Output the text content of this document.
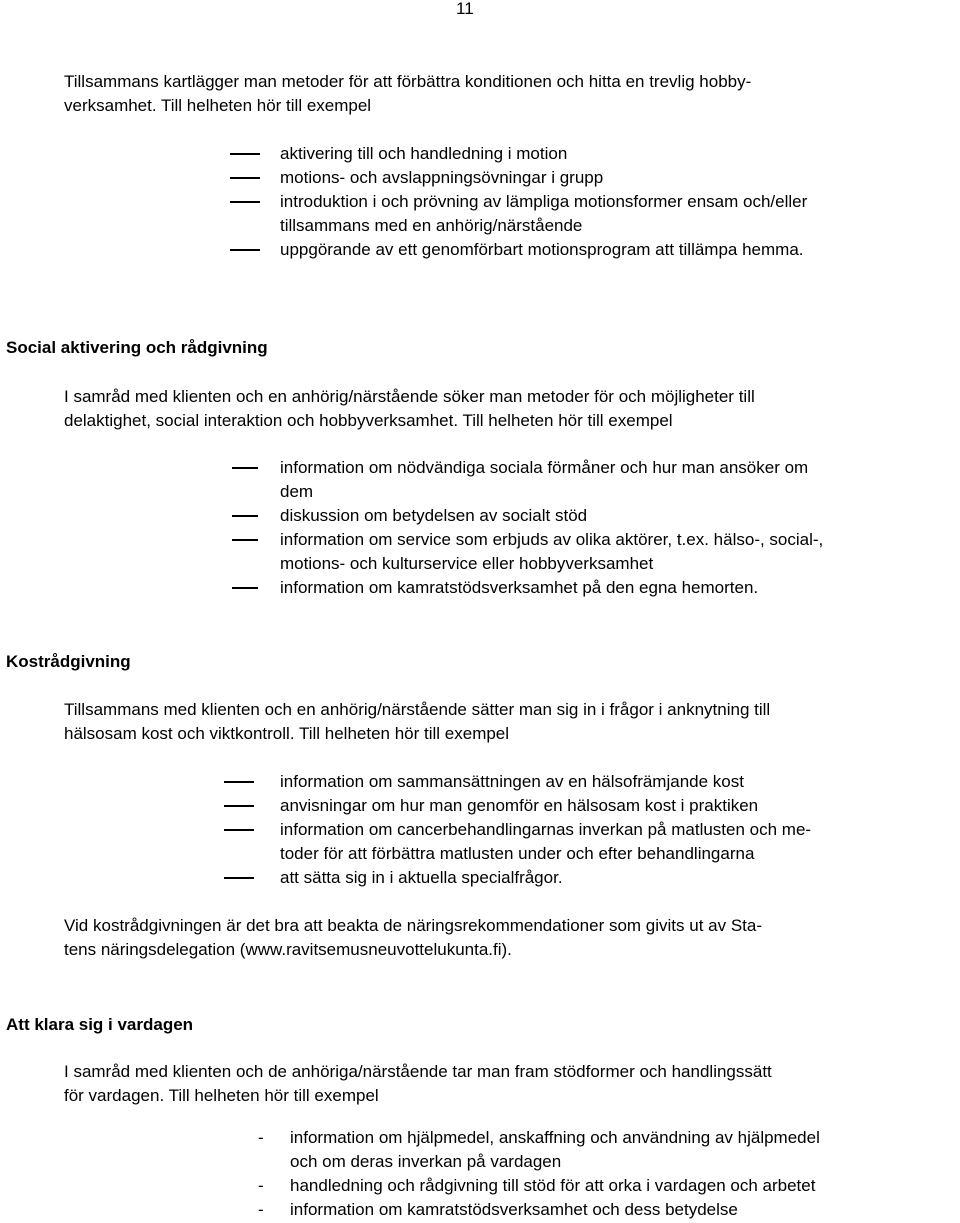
11
Tillsammans kartlägger man metoder för att förbättra konditionen och hitta en trevlig hobby-
verksamhet. Till helheten hör till exempel
aktivering till och handledning i motion
motions- och avslappningsövningar i grupp
introduktion i och prövning av lämpliga motionsformer ensam och/eller
tillsammans med en anhörig/närstående
uppgörande av ett genomförbart motionsprogram att tillämpa hemma.
Social aktivering och rådgivning
I samråd med klienten och en anhörig/närstående söker man metoder för och möjligheter till
delaktighet, social interaktion och hobbyverksamhet. Till helheten hör till exempel
information om nödvändiga sociala förmåner och hur man ansöker om
dem
diskussion om betydelsen av socialt stöd
information om service som erbjuds av olika aktörer, t.ex. hälso-, social-,
motions- och kulturservice eller hobbyverksamhet
information om kamratstödsverksamhet på den egna hemorten.
Kostrådgivning
Tillsammans med klienten och en anhörig/närstående sätter man sig in i frågor i anknytning till
hälsosam kost och viktkontroll. Till helheten hör till exempel
information om sammansättningen av en hälsofrämjande kost
anvisningar om hur man genomför en hälsosam kost i praktiken
information om cancerbehandlingarnas inverkan på matlusten och me-
toder för att förbättra matlusten under och efter behandlingarna
att sätta sig in i aktuella specialfrågor.
Vid kostrådgivningen är det bra att beakta de näringsrekommendationer som givits ut av Sta-
tens näringsdelegation (www.ravitsemusneuvottelukunta.fi).
Att klara sig i vardagen
I samråd med klienten och de anhöriga/närstående tar man fram stödformer och handlingssätt
för vardagen. Till helheten hör till exempel
- information om hjälpmedel, anskaffning och användning av hjälpmedel
och om deras inverkan på vardagen
- handledning och rådgivning till stöd för att orka i vardagen och arbetet
- information om kamratstödsverksamhet och dess betydelse
